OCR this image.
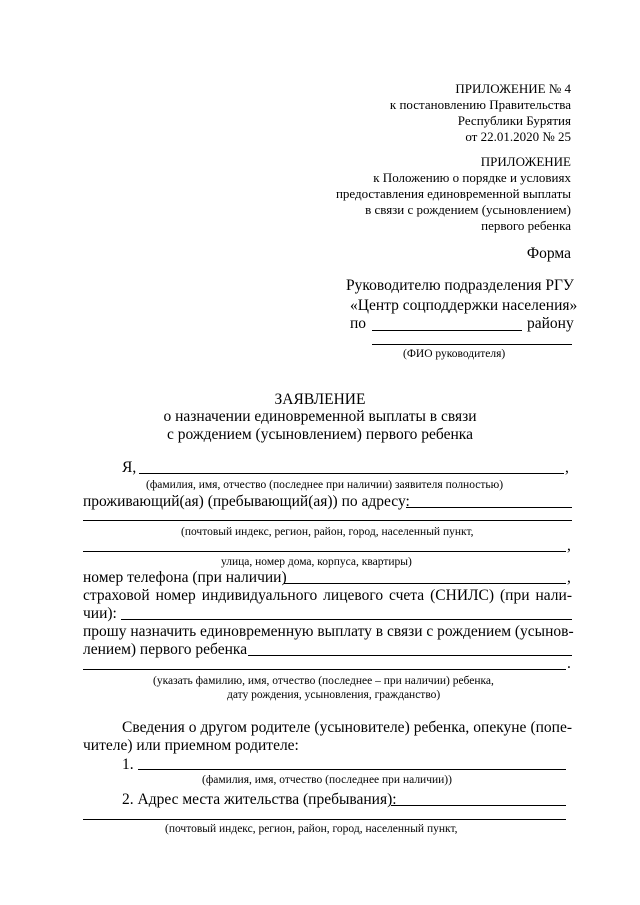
ПРИЛОЖЕНИЕ № 4
к постановлению Правительства
Республики Бурятия
от 22.01.2020 № 25
ПРИЛОЖЕНИЕ
к Положению о порядке и условиях
предоставления единовременной выплаты
в связи с рождением (усыновлением)
первого ребенка
Форма
Руководителю подразделения РГУ
«Центр соцподдержки населения»
по	району
(ФИО руководителя)
ЗАЯВЛЕНИЕ
о назначении единовременной выплаты в связи
с рождением (усыновлением) первого ребенка
Я,	,
(фамилия, имя, отчество (последнее при наличии) заявителя полностью)
проживающий(ая) (пребывающий(ая)) по адресу:
(почтовый индекс, регион, район, город, населенный пункт,
,
улица, номер дома, корпуса, квартиры)
номер телефона (при наличии)	,
страховой номер индивидуального лицевого счета (СНИЛС) (при нали-
чии):
прошу назначить единовременную выплату в связи с рождением (усынов-
лением) первого ребенка
.
(указать фамилию, имя, отчество (последнее – при наличии) ребенка,
дату рождения, усыновления, гражданство)
Сведения о другом родителе (усыновителе) ребенка, опекуне (попе-
чителе) или приемном родителе:
1.
(фамилия, имя, отчество (последнее при наличии))
2. Адрес места жительства (пребывания):
(почтовый индекс, регион, район, город, населенный пункт,
